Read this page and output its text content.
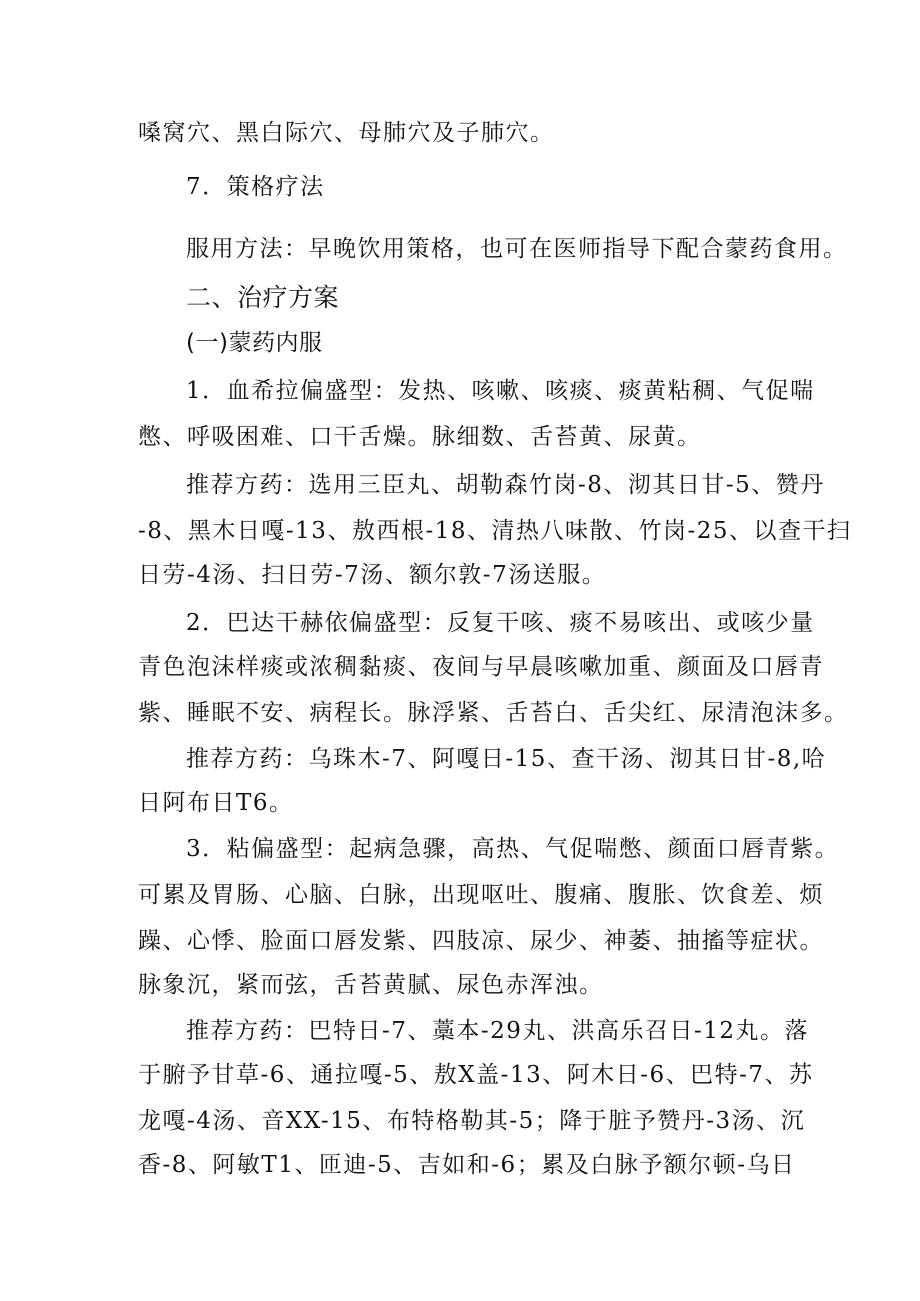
嗓窝穴、黑白际穴、母肺穴及子肺穴。
7．策格疗法
服用方法：早晚饮用策格，也可在医师指导下配合蒙药食用。
二、治疗方案
(一)蒙药内服
1．血希拉偏盛型：发热、咳嗽、咳痰、痰黄粘稠、气促喘
憋、呼吸困难、口干舌燥。脉细数、舌苔黄、尿黄。
推荐方药：选用三臣丸、胡勒森竹岗-8、沏其日甘-5、赞丹
-8、黑木日嘎-13、敖西根-18、清热八味散、竹岗-25、以查干扫
日劳-4汤、扫日劳-7汤、额尔敦-7汤送服。
2．巴达干赫依偏盛型：反复干咳、痰不易咳出、或咳少量
青色泡沫样痰或浓稠黏痰、夜间与早晨咳嗽加重、颜面及口唇青
紫、睡眠不安、病程长。脉浮紧、舌苔白、舌尖红、尿清泡沫多。
推荐方药：乌珠木-7、阿嘎日-15、查干汤、沏其日甘-8,哈
日阿布日T6。
3．粘偏盛型：起病急骤，高热、气促喘憋、颜面口唇青紫。
可累及胃肠、心脑、白脉，出现呕吐、腹痛、腹胀、饮食差、烦
躁、心悸、脸面口唇发紫、四肢凉、尿少、神萎、抽搐等症状。
脉象沉，紧而弦，舌苔黄腻、尿色赤浑浊。
推荐方药：巴特日-7、藁本-29丸、洪高乐召日-12丸。落
于腑予甘草-6、通拉嘎-5、敖X盖-13、阿木日-6、巴特-7、苏
龙嘎-4汤、音XX-15、布特格勒其-5；降于脏予赞丹-3汤、沉
香-8、阿敏T1、匝迪-5、吉如和-6；累及白脉予额尔顿-乌日
